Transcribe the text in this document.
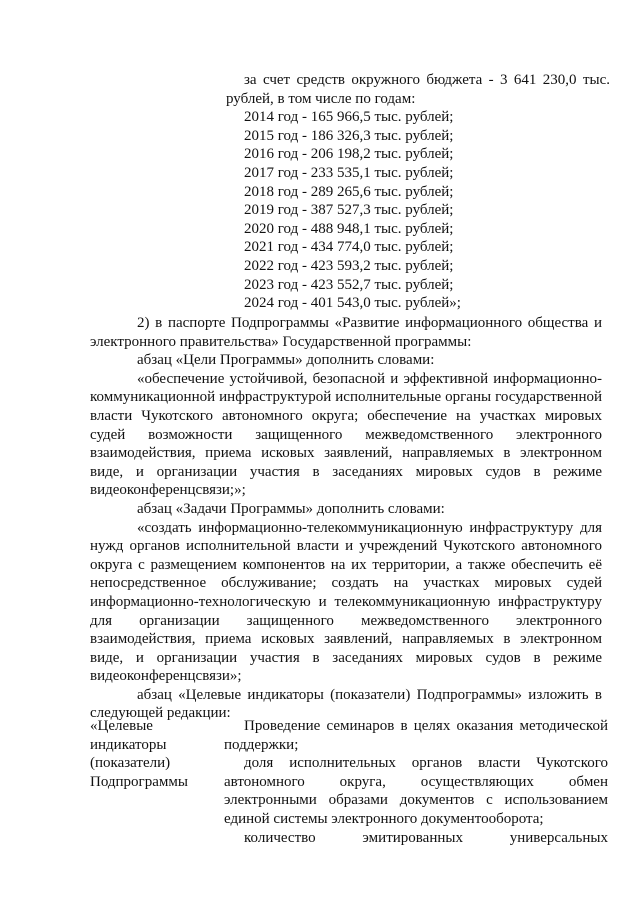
за счет средств окружного бюджета - 3 641 230,0 тыс. рублей, в том числе по годам:

2014 год - 165 966,5 тыс. рублей;
2015 год - 186 326,3 тыс. рублей;
2016 год - 206 198,2 тыс. рублей;
2017 год - 233 535,1 тыс. рублей;
2018 год - 289 265,6 тыс. рублей;
2019 год - 387 527,3 тыс. рублей;
2020 год - 488 948,1 тыс. рублей;
2021 год - 434 774,0 тыс. рублей;
2022 год - 423 593,2 тыс. рублей;
2023 год - 423 552,7 тыс. рублей;
2024 год - 401 543,0 тыс. рублей»;

2) в паспорте Подпрограммы «Развитие информационного общества и электронного правительства» Государственной программы:

абзац «Цели Программы» дополнить словами:

«обеспечение устойчивой, безопасной и эффективной информационно-коммуникационной инфраструктурой исполнительные органы государственной власти Чукотского автономного округа; обеспечение на участках мировых судей возможности защищенного межведомственного электронного взаимодействия, приема исковых заявлений, направляемых в электронном виде, и организации участия в заседаниях мировых судов в режиме видеоконференцсвязи;»;

абзац «Задачи Программы» дополнить словами:

«создать информационно-телекоммуникационную инфраструктуру для нужд органов исполнительной власти и учреждений Чукотского автономного округа с размещением компонентов на их территории, а также обеспечить её непосредственное обслуживание; создать на участках мировых судей информационно-технологическую и телекоммуникационную инфраструктуру для организации защищенного межведомственного электронного взаимодействия, приема исковых заявлений, направляемых в электронном виде, и организации участия в заседаниях мировых судов в режиме видеоконференцсвязи»;

абзац «Целевые индикаторы (показатели) Подпрограммы» изложить в следующей редакции:

«Целевые
индикаторы
(показатели)
Подпрограммы

Проведение семинаров в целях оказания методической поддержки;

доля исполнительных органов власти Чукотского автономного округа, осуществляющих обмен электронными образами документов с использованием единой системы электронного документооборота;

количество эмитированных универсальных
